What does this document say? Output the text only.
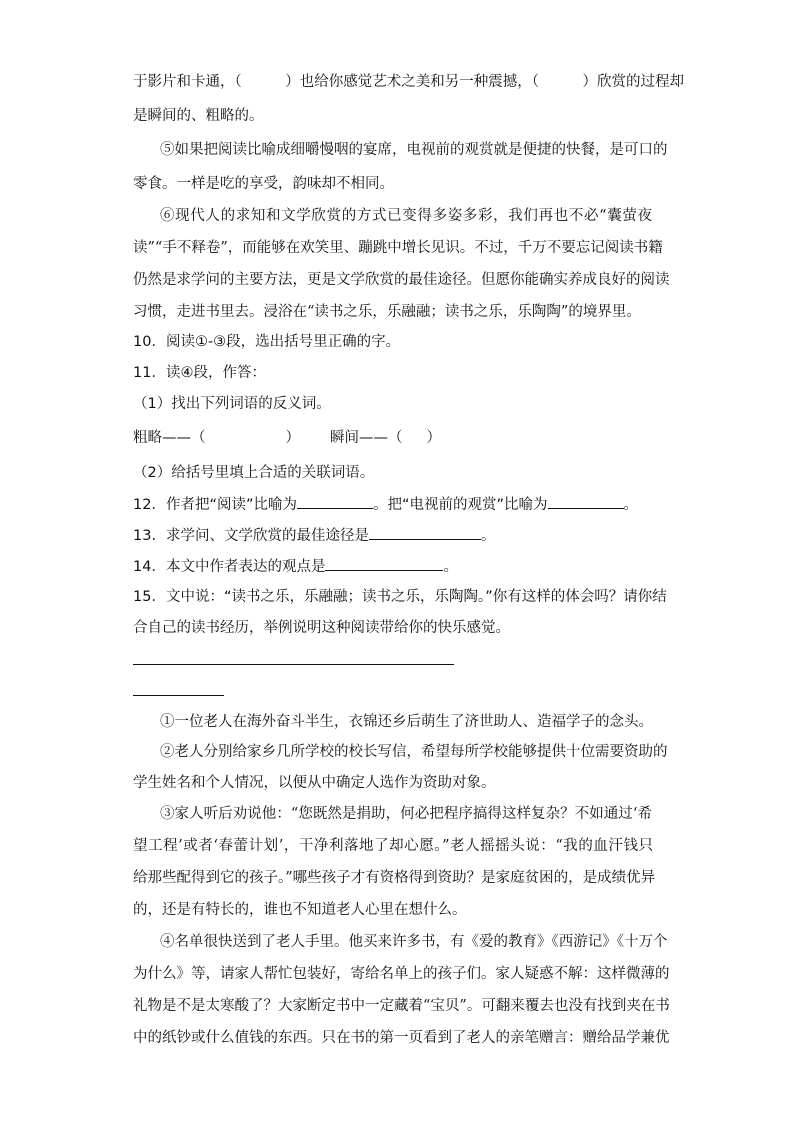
于影片和卡通，（　　　）也给你感觉艺术之美和另一种震撼，（　　　）欣赏的过程却
是瞬间的、粗略的。
⑤如果把阅读比喻成细嚼慢咽的宴席，电视前的观赏就是便捷的快餐，是可口的
零食。一样是吃的享受，韵味却不相同。
⑥现代人的求知和文学欣赏的方式已变得多姿多彩，我们再也不必“囊萤夜
读”“手不释卷”，而能够在欢笑里、蹦跳中增长见识。不过，千万不要忘记阅读书籍
仍然是求学问的主要方法，更是文学欣赏的最佳途径。但愿你能确实养成良好的阅读
习惯，走进书里去。浸浴在“读书之乐，乐融融；读书之乐，乐陶陶”的境界里。
10．阅读①-③段，选出括号里正确的字。
11．读④段，作答：
（1）找出下列词语的反义词。
粗略——（	） 瞬间——（ ）
（2）给括号里填上合适的关联词语。
12．作者把“阅读”比喻为	。把“电视前的观赏”比喻为	。
13．求学问、文学欣赏的最佳途径是	。
14．本文中作者表达的观点是	。
15．文中说：“读书之乐，乐融融；读书之乐，乐陶陶。”你有这样的体会吗？请你结
合自己的读书经历，举例说明这种阅读带给你的快乐感觉。
①一位老人在海外奋斗半生，衣锦还乡后萌生了济世助人、造福学子的念头。
②老人分别给家乡几所学校的校长写信，希望每所学校能够提供十位需要资助的
学生姓名和个人情况，以便从中确定人选作为资助对象。
③家人听后劝说他：“您既然是捐助，何必把程序搞得这样复杂？不如通过‘希
望工程’或者‘春蕾计划’，干净利落地了却心愿。”老人摇摇头说：“我的血汗钱只
给那些配得到它的孩子。”哪些孩子才有资格得到资助？是家庭贫困的，是成绩优异
的，还是有特长的，谁也不知道老人心里在想什么。
④名单很快送到了老人手里。他买来许多书，有《爱的教育》《西游记》《十万个
为什么》等，请家人帮忙包装好，寄给名单上的孩子们。家人疑惑不解：这样微薄的
礼物是不是太寒酸了？大家断定书中一定藏着“宝贝”。可翻来覆去也没有找到夹在书
中的纸钞或什么值钱的东西。只在书的第一页看到了老人的亲笔赠言：赠给品学兼优
